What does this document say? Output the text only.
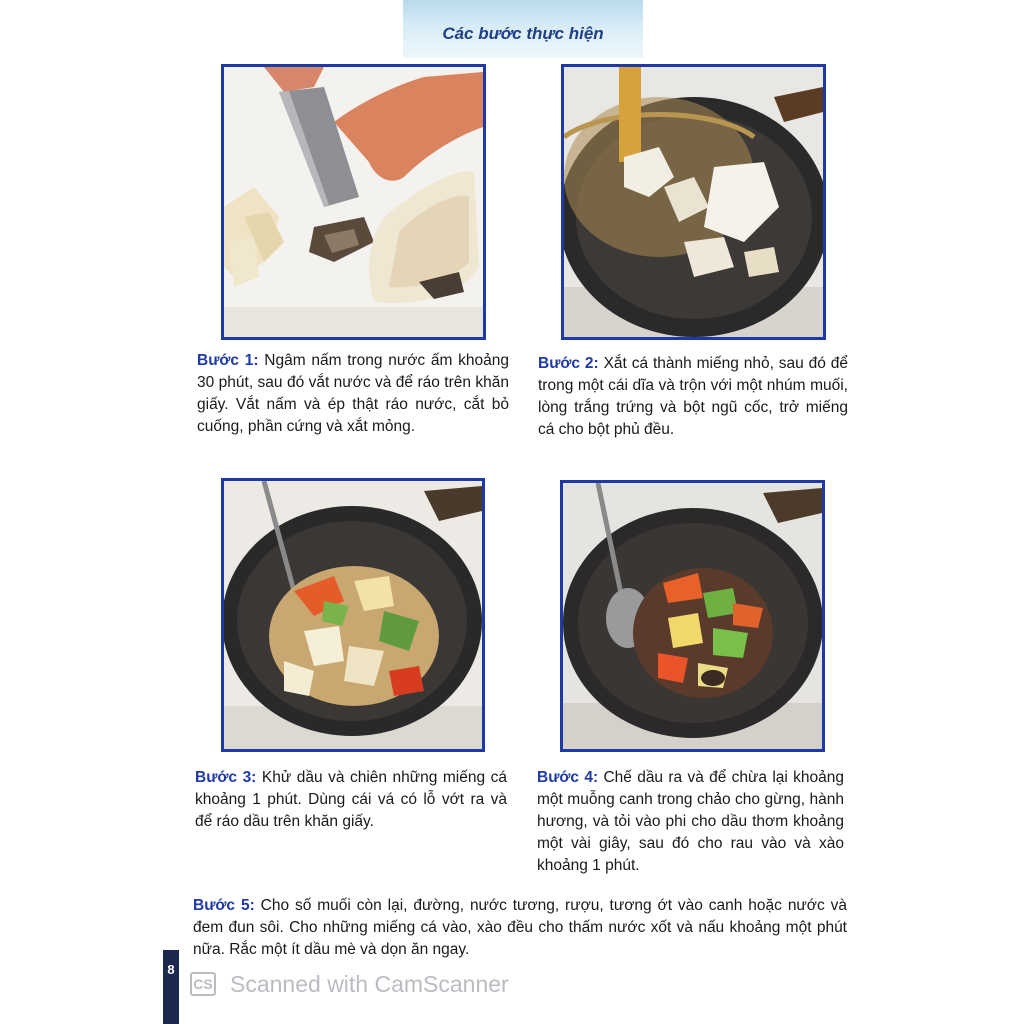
Các bước thực hiện
Bước 1: Ngâm nấm trong nước ấm khoảng 30 phút, sau đó vắt nước và để ráo trên khăn giấy. Vắt nấm và ép thật ráo nước, cắt bỏ cuống, phần cứng và xắt mỏng.
Bước 2: Xắt cá thành miếng nhỏ, sau đó để trong một cái dĩa và trộn với một nhúm muối, lòng trắng trứng và bột ngũ cốc, trở miếng cá cho bột phủ đều.
Bước 3: Khử dầu và chiên những miếng cá khoảng 1 phút. Dùng cái vá có lỗ vớt ra và để ráo dầu trên khăn giấy.
Bước 4: Chế dầu ra và để chừa lại khoảng một muỗng canh trong chảo cho gừng, hành hương, và tỏi vào phi cho dầu thơm khoảng một vài giây, sau đó cho rau vào và xào khoảng 1 phút.
Bước 5: Cho số muối còn lại, đường, nước tương, rượu, tương ớt vào canh hoặc nước và đem đun sôi. Cho những miếng cá vào, xào đều cho thấm nước xốt và nấu khoảng một phút nữa. Rắc một ít dầu mè và dọn ăn ngay.
8
CS Scanned with CamScanner
